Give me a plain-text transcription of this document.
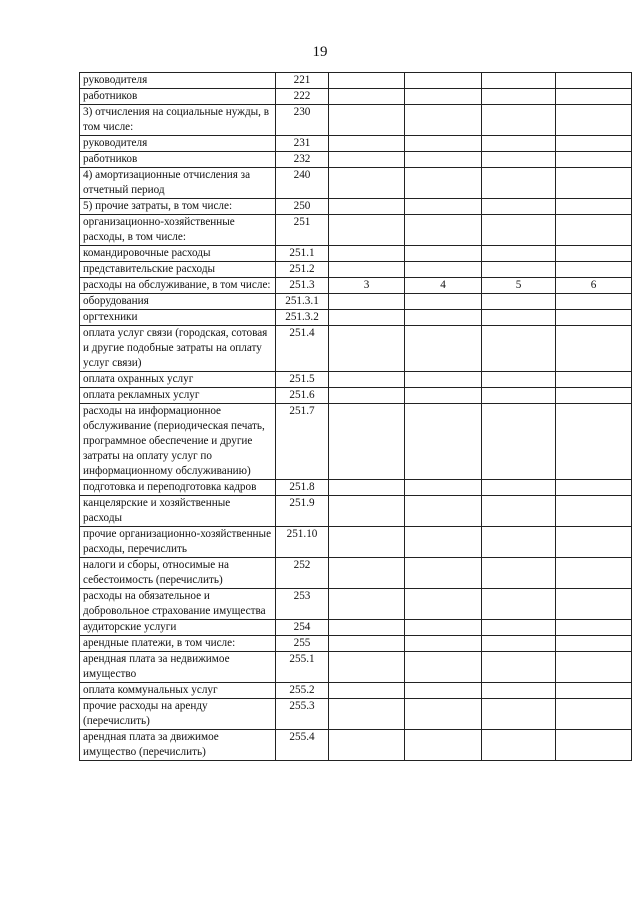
19
руководителя	221				
работников	222				
3) отчисления на социальные нужды, в том числе:	230				
руководителя	231				
работников	232				
4) амортизационные отчисления за отчетный период	240				
5) прочие затраты, в том числе:	250				
организационно-хозяйственные расходы, в том числе:	251				
командировочные расходы	251.1				
представительские расходы	251.2				
расходы на обслуживание, в том числе:	251.3	3	4	5	6
оборудования	251.3.1				
оргтехники	251.3.2				
оплата услуг связи (городская, сотовая и другие подобные затраты на оплату услуг связи)	251.4				
оплата охранных услуг	251.5				
оплата рекламных услуг	251.6				
расходы на информационное обслуживание (периодическая печать, программное обеспечение и другие затраты на оплату услуг по информационному обслуживанию)	251.7				
подготовка и переподготовка кадров	251.8				
канцелярские и хозяйственные расходы	251.9				
прочие организационно-хозяйственные расходы, перечислить	251.10				
налоги и сборы, относимые на себестоимость (перечислить)	252				
расходы на обязательное и добровольное страхование имущества	253				
аудиторские услуги	254				
арендные платежи, в том числе:	255				
арендная плата за недвижимое имущество	255.1				
оплата коммунальных услуг	255.2				
прочие расходы на аренду (перечислить)	255.3				
арендная плата за движимое имущество (перечислить)	255.4				
